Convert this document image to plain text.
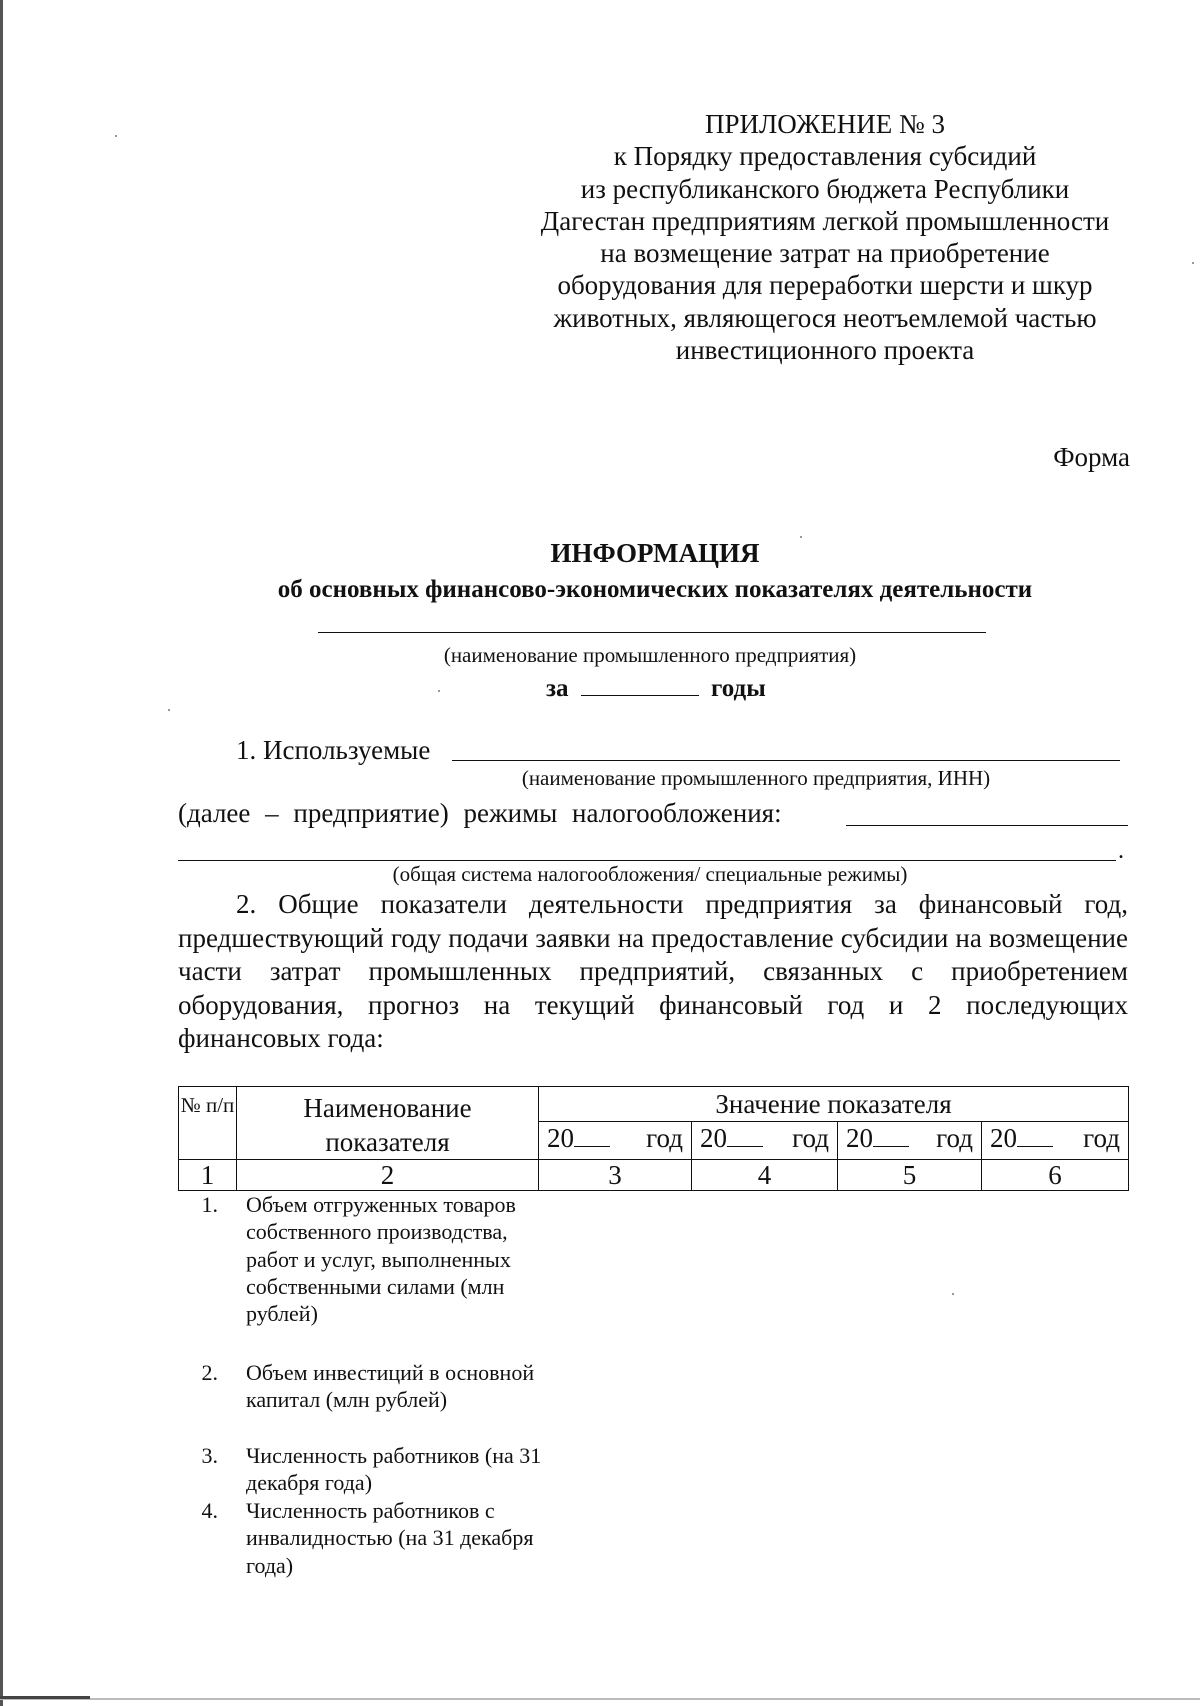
ПРИЛОЖЕНИЕ № 3
к Порядку предоставления субсидий
из республиканского бюджета Республики
Дагестан предприятиям легкой промышленности
на возмещение затрат на приобретение
оборудования для переработки шерсти и шкур
животных, являющегося неотъемлемой частью
инвестиционного проекта
Форма
ИНФОРМАЦИЯ
об основных финансово-экономических показателях деятельности
(наименование промышленного предприятия)
за	годы
1. Используемые
(наименование промышленного предприятия, ИНН)
(далее – предприятие) режимы налогообложения:
.
(общая система налогообложения/ специальные режимы)
2. Общие показатели деятельности предприятия за финансовый год, предшествующий году подачи заявки на предоставление субсидии на возмещение части затрат промышленных предприятий, связанных с приобретением оборудования, прогноз на текущий финансовый год и 2 последующих финансовых года:
№ п/п	Наименование показателя	Значение показателя			
		20 год	20 год	20 год	20 год

1	2	3	4	5	6
1. Объем отгруженных товаров собственного производства, работ и услуг, выполненных собственными силами (млн рублей)
2. Объем инвестиций в основной капитал (млн рублей)
3. Численность работников (на 31 декабря года)
4. Численность работников с инвалидностью (на 31 декабря года)
